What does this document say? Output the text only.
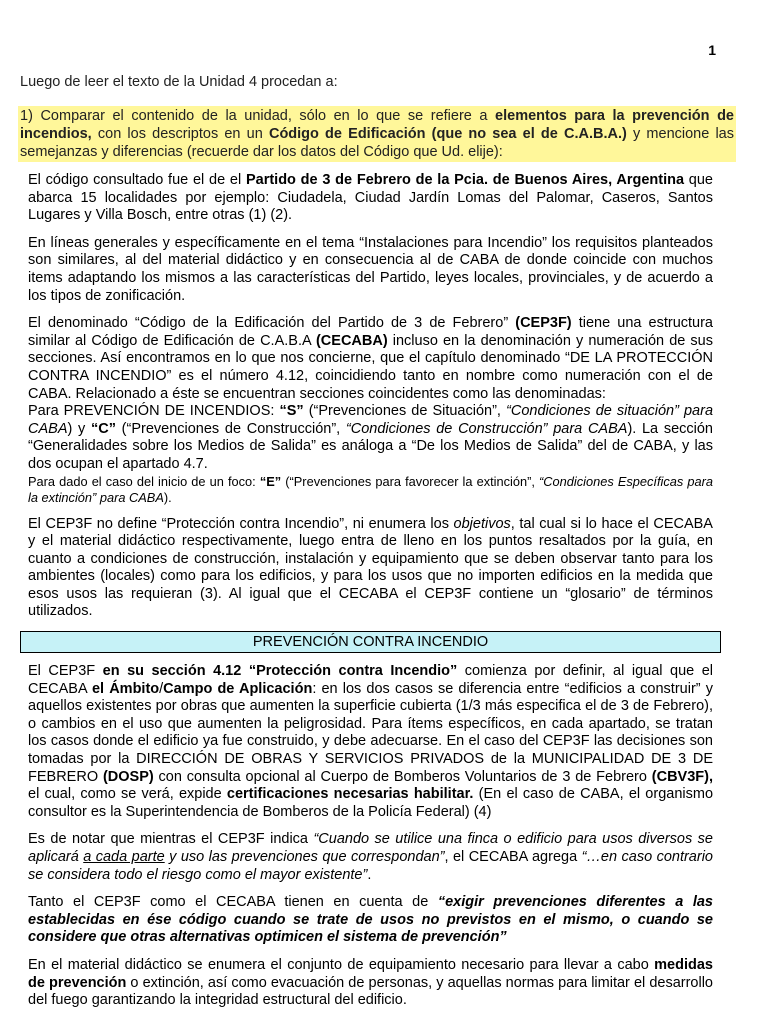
1
Luego de leer el texto de la Unidad 4 procedan a:
1) Comparar el contenido de la unidad, sólo en lo que se refiere a elementos para la prevención de incendios, con los descriptos en un Código de Edificación (que no sea el de C.A.B.A.) y mencione las semejanzas y diferencias (recuerde dar los datos del Código que Ud. elije):

El código consultado fue el de el Partido de 3 de Febrero de la Pcia. de Buenos Aires, Argentina que abarca 15 localidades por ejemplo: Ciudadela, Ciudad Jardín Lomas del Palomar, Caseros, Santos Lugares y Villa Bosch, entre otras (1) (2).

En líneas generales y específicamente en el tema “Instalaciones para Incendio” los requisitos planteados son similares, al del material didáctico y en consecuencia al de CABA de donde coincide con muchos items adaptando los mismos a las características del Partido, leyes locales, provinciales, y de acuerdo a los tipos de zonificación.

El denominado “Código de la Edificación del Partido de 3 de Febrero” (CEP3F) tiene una estructura similar al Código de Edificación de C.A.B.A (CECABA) incluso en la denominación y numeración de sus secciones. Así encontramos en lo que nos concierne, que el capítulo denominado “DE LA PROTECCIÓN CONTRA INCENDIO” es el número 4.12, coincidiendo tanto en nombre como numeración con el de CABA. Relacionado a éste se encuentran secciones coincidentes como las denominadas:

Para PREVENCIÓN DE INCENDIOS: “S” (“Prevenciones de Situación”, “Condiciones de situación” para CABA) y “C” (“Prevenciones de Construcción”, “Condiciones de Construcción” para CABA). La sección “Generalidades sobre los Medios de Salida” es análoga a “De los Medios de Salida” del de CABA, y las dos ocupan el apartado 4.7.

Para dado el caso del inicio de un foco: “E” (“Prevenciones para favorecer la extinción”, “Condiciones Específicas para la extinción” para CABA).

El CEP3F no define “Protección contra Incendio”, ni enumera los objetivos, tal cual si lo hace el CECABA y el material didáctico respectivamente, luego entra de lleno en los puntos resaltados por la guía, en cuanto a condiciones de construcción, instalación y equipamiento que se deben observar tanto para los ambientes (locales) como para los edificios, y para los usos que no importen edificios en la medida que esos usos las requieran (3). Al igual que el CECABA el CEP3F contiene un “glosario” de términos utilizados.

PREVENCIÓN CONTRA INCENDIO

El CEP3F en su sección 4.12 “Protección contra Incendio” comienza por definir, al igual que el CECABA el Ámbito/Campo de Aplicación: en los dos casos se diferencia entre “edificios a construir” y aquellos existentes por obras que aumenten la superficie cubierta (1/3 más especifica el de 3 de Febrero), o cambios en el uso que aumenten la peligrosidad. Para ítems específicos, en cada apartado, se tratan los casos donde el edificio ya fue construido, y debe adecuarse. En el caso del CEP3F las decisiones son tomadas por la DIRECCIÓN DE OBRAS Y SERVICIOS PRIVADOS de la MUNICIPALIDAD DE 3 DE FEBRERO (DOSP) con consulta opcional al Cuerpo de Bomberos Voluntarios de 3 de Febrero (CBV3F), el cual, como se verá, expide certificaciones necesarias habilitar. (En el caso de CABA, el organismo consultor es la Superintendencia de Bomberos de la Policía Federal) (4)

Es de notar que mientras el CEP3F indica “Cuando se utilice una finca o edificio para usos diversos se aplicará a cada parte y uso las prevenciones que correspondan”, el CECABA agrega “…en caso contrario se considera todo el riesgo como el mayor existente”.

Tanto el CEP3F como el CECABA tienen en cuenta de “exigir prevenciones diferentes a las establecidas en ése código cuando se trate de usos no previstos en el mismo, o cuando se considere que otras alternativas optimicen el sistema de prevención”

En el material didáctico se enumera el conjunto de equipamiento necesario para llevar a cabo medidas de prevención o extinción, así como evacuación de personas, y aquellas normas para limitar el desarrollo del fuego garantizando la integridad estructural del edificio.
